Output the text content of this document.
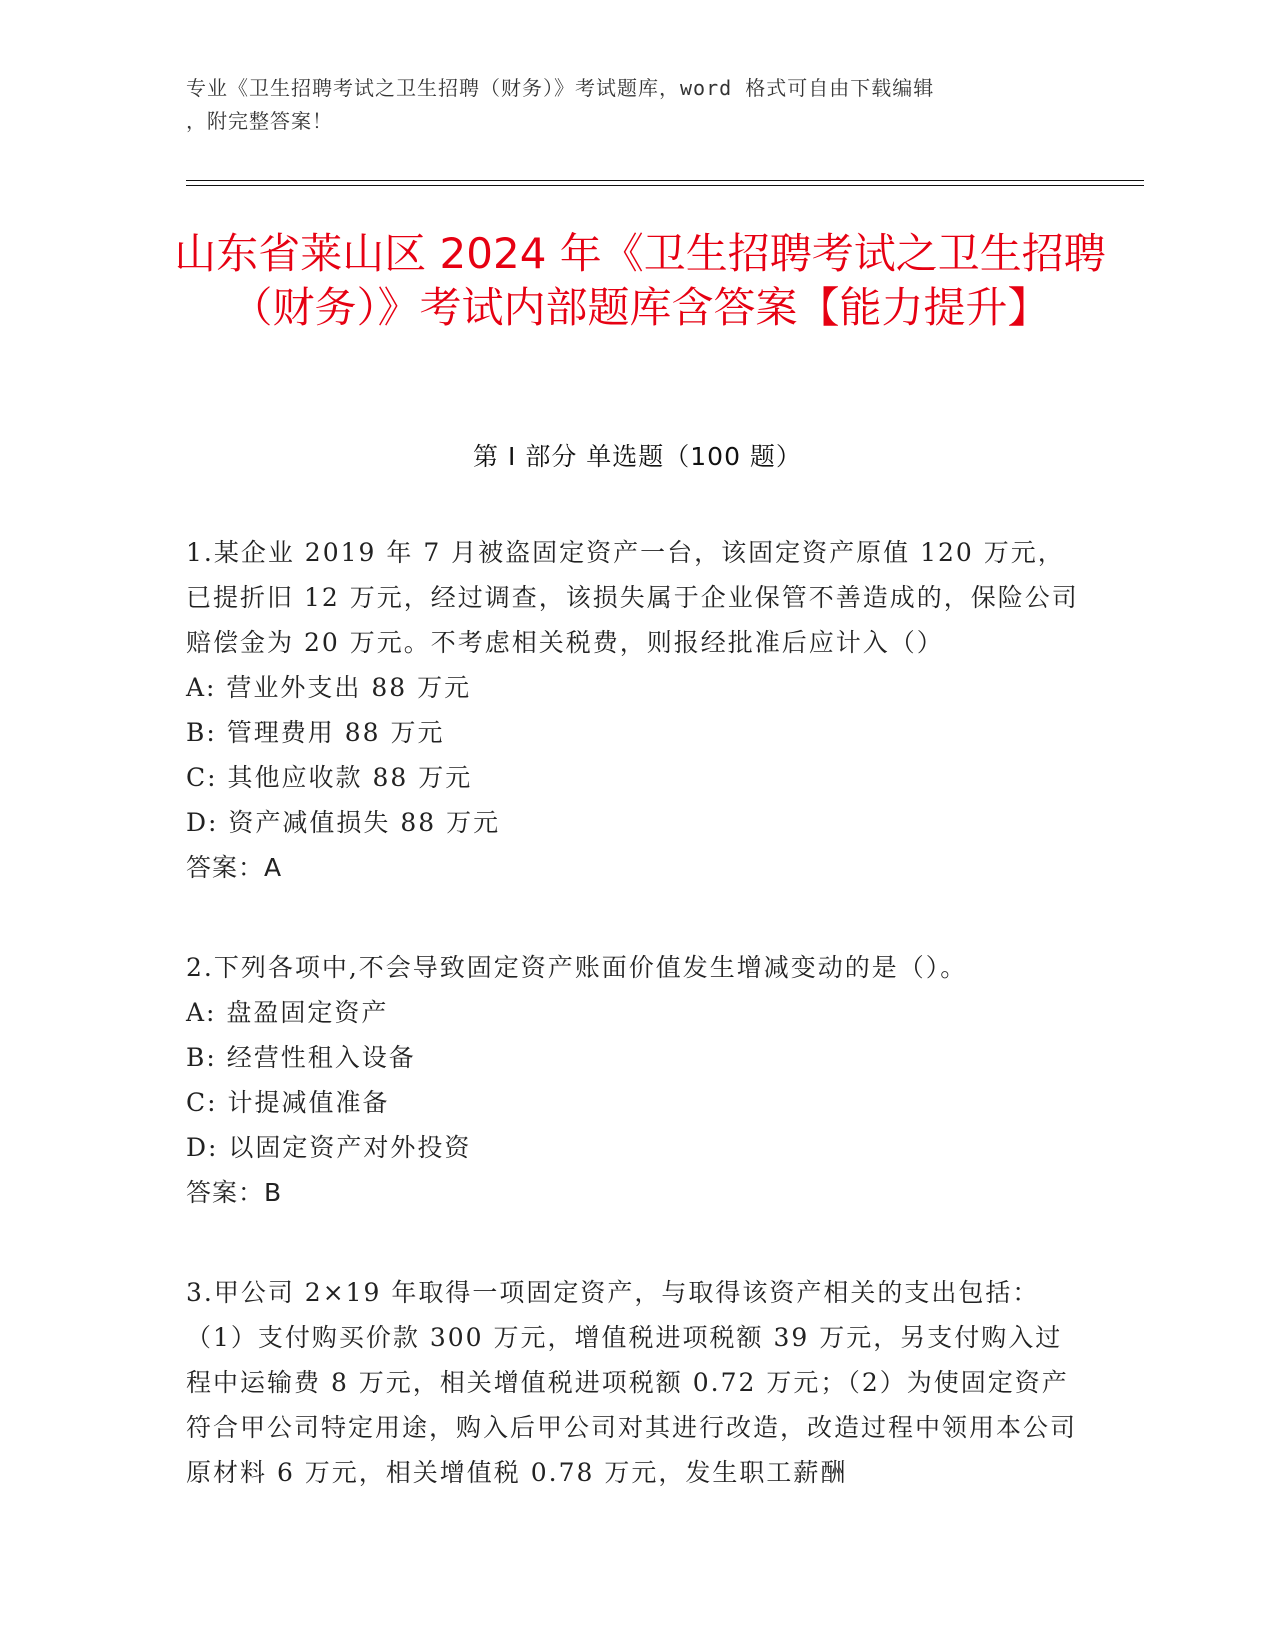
专业《卫生招聘考试之卫生招聘（财务）》考试题库，word 格式可自由下载编辑
，附完整答案！
山东省莱山区 2024 年《卫生招聘考试之卫生招聘（财务）》考试内部题库含答案【能力提升】
第 I 部分 单选题（100 题）
1.某企业 2019 年 7 月被盗固定资产一台，该固定资产原值 120 万元，已提折旧 12 万元，经过调查，该损失属于企业保管不善造成的，保险公司赔偿金为 20 万元。不考虑相关税费，则报经批准后应计入（）
A: 营业外支出 88 万元
B: 管理费用 88 万元
C: 其他应收款 88 万元
D: 资产减值损失 88 万元
答案：A
2.下列各项中,不会导致固定资产账面价值发生增减变动的是（）。
A: 盘盈固定资产
B: 经营性租入设备
C: 计提减值准备
D: 以固定资产对外投资
答案：B
3.甲公司 2×19 年取得一项固定资产，与取得该资产相关的支出包括：（1）支付购买价款 300 万元，增值税进项税额 39 万元，另支付购入过程中运输费 8 万元，相关增值税进项税额 0.72 万元；（2）为使固定资产符合甲公司特定用途，购入后甲公司对其进行改造，改造过程中领用本公司原材料 6 万元，相关增值税 0.78 万元，发生职工薪酬
